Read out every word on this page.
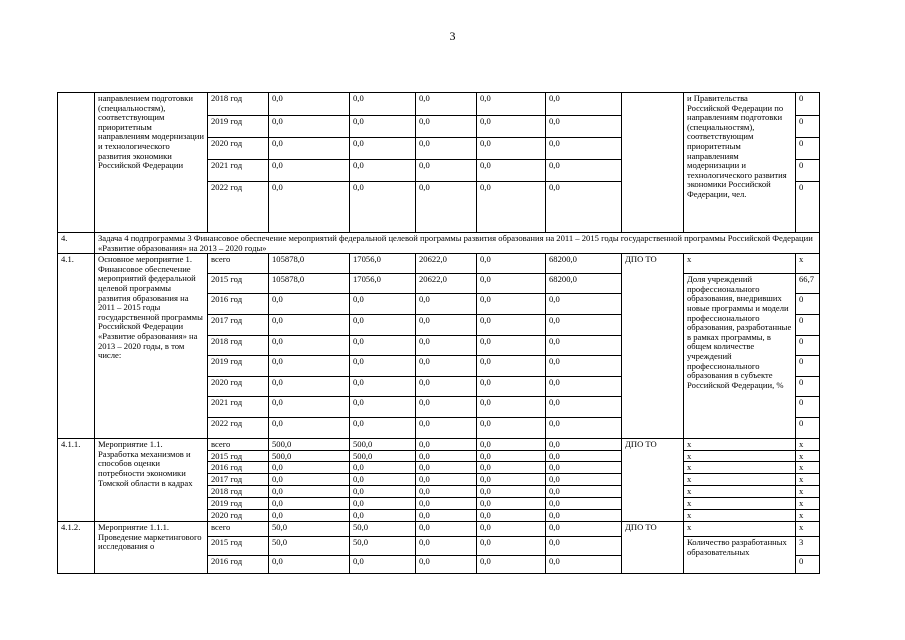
3
	направлением подготовки (специальностям), соответствующим приоритетным направлениям модернизации и технологического развития экономики Российской Федерации	2018 год	0,0	0,0	0,0	0,0	0,0		и Правительства Российской Федерации по направлениям подготовки (специальностям), соответствующим приоритетным направлениям модернизации и технологического развития экономики Российской Федерации, чел.	0
		2019 год	0,0	0,0	0,0	0,0	0,0			0
		2020 год	0,0	0,0	0,0	0,0	0,0			0
		2021 год	0,0	0,0	0,0	0,0	0,0			0
		2022 год	0,0	0,0	0,0	0,0	0,0			0
4.	Задача 4 подпрограммы 3 Финансовое обеспечение мероприятий федеральной целевой программы развития образования на 2011 – 2015 годы государственной программы Российской Федерации «Развитие образования» на 2013 – 2020 годы»									
4.1.	Основное мероприятие 1. Финансовое обеспечение мероприятий федеральной целевой программы развития образования на 2011 – 2015 годы государственной программы Российской Федерации «Развитие образования» на 2013 – 2020 годы, в том числе:	всего	105878,0	17056,0	20622,0	0,0	68200,0	ДПО ТО	x	x
		2015 год	105878,0	17056,0	20622,0	0,0	68200,0		Доля учреждений профессионального образования, внедривших новые программы и модели профессионального образования, разработанные в рамках программы, в общем количестве учреждений профессионального образования в субъекте Российской Федерации, %	66,7
		2016 год	0,0	0,0	0,0	0,0	0,0			0
		2017 год	0,0	0,0	0,0	0,0	0,0			0
		2018 год	0,0	0,0	0,0	0,0	0,0			0
		2019 год	0,0	0,0	0,0	0,0	0,0			0
		2020 год	0,0	0,0	0,0	0,0	0,0			0
		2021 год	0,0	0,0	0,0	0,0	0,0			0
		2022 год	0,0	0,0	0,0	0,0	0,0			0
4.1.1.	Мероприятие 1.1. Разработка механизмов и способов оценки потребности экономики Томской области в кадрах	всего	500,0	500,0	0,0	0,0	0,0	ДПО ТО	x	x
		2015 год	500,0	500,0	0,0	0,0	0,0		x	x
		2016 год	0,0	0,0	0,0	0,0	0,0		x	x
		2017 год	0,0	0,0	0,0	0,0	0,0		x	x
		2018 год	0,0	0,0	0,0	0,0	0,0		x	x
		2019 год	0,0	0,0	0,0	0,0	0,0		x	x
		2020 год	0,0	0,0	0,0	0,0	0,0		x	x
4.1.2.	Мероприятие 1.1.1. Проведение маркетингового исследования о	всего	50,0	50,0	0,0	0,0	0,0	ДПО ТО	x	x
		2015 год	50,0	50,0	0,0	0,0	0,0		Количество разработанных образовательных	3
		2016 год	0,0	0,0	0,0	0,0	0,0			0
